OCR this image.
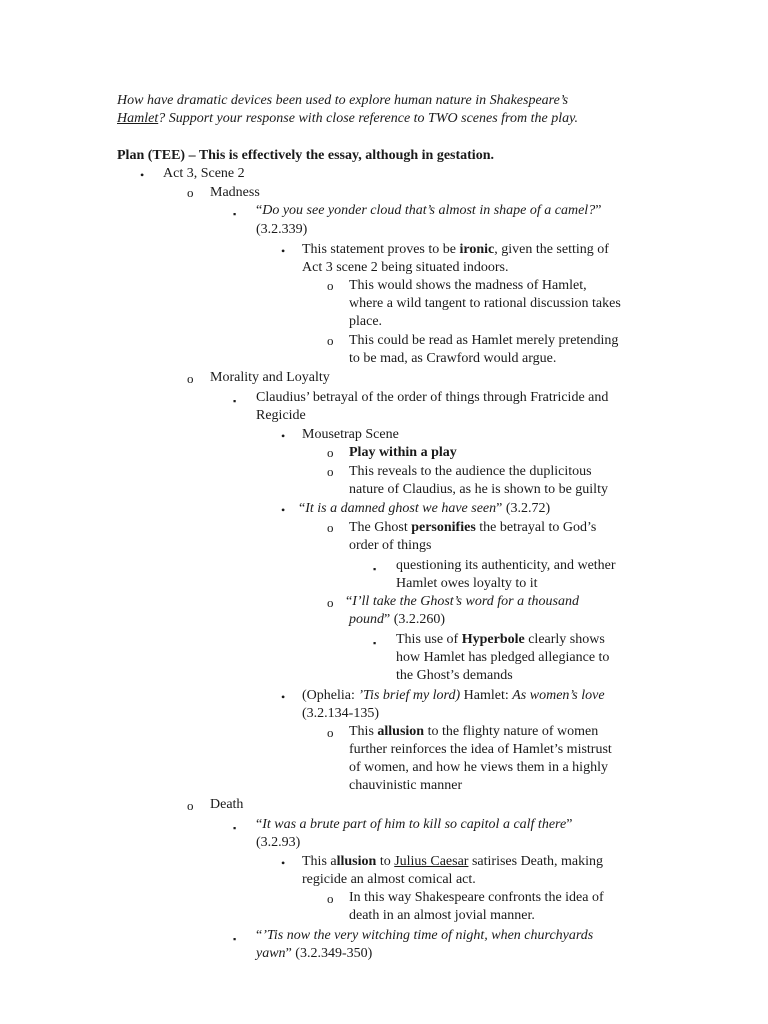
How have dramatic devices been used to explore human nature in Shakespeare’s
Hamlet? Support your response with close reference to TWO scenes from the play.
Plan (TEE) – This is effectively the essay, although in gestation.
• Act 3, Scene 2
o Madness
▪ “Do you see yonder cloud that’s almost in shape of a camel?”
(3.2.339)
• This statement proves to be ironic, given the setting of
Act 3 scene 2 being situated indoors.
o This would shows the madness of Hamlet,
where a wild tangent to rational discussion takes
place.
o This could be read as Hamlet merely pretending
to be mad, as Crawford would argue.
o Morality and Loyalty
▪ Claudius’ betrayal of the order of things through Fratricide and
Regicide
• Mousetrap Scene
o Play within a play
o This reveals to the audience the duplicitous
nature of Claudius, as he is shown to be guilty
• “It is a damned ghost we have seen” (3.2.72)
o The Ghost personifies the betrayal to God’s
order of things
▪ questioning its authenticity, and wether
Hamlet owes loyalty to it
o “I’ll take the Ghost’s word for a thousand
pound” (3.2.260)
▪ This use of Hyperbole clearly shows
how Hamlet has pledged allegiance to
the Ghost’s demands
• (Ophelia: ’Tis brief my lord) Hamlet: As women’s love
(3.2.134-135)
o This allusion to the flighty nature of women
further reinforces the idea of Hamlet’s mistrust
of women, and how he views them in a highly
chauvinistic manner
o Death
▪ “It was a brute part of him to kill so capitol a calf there”
(3.2.93)
• This allusion to Julius Caesar satirises Death, making
regicide an almost comical act.
o In this way Shakespeare confronts the idea of
death in an almost jovial manner.
▪ “’Tis now the very witching time of night, when churchyards
yawn” (3.2.349-350)
